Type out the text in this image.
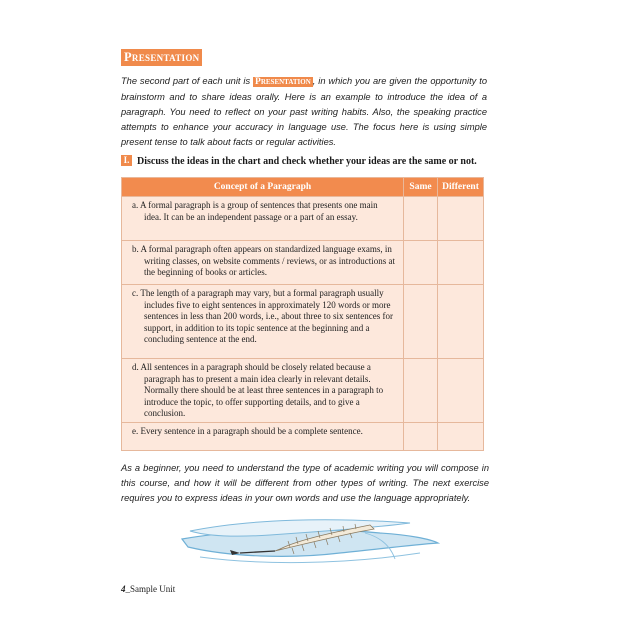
Presentation
The second part of each unit is Presentation , in which you are given the opportunity to brainstorm and to share ideas orally. Here is an example to introduce the idea of a paragraph. You need to reflect on your past writing habits. Also, the speaking practice attempts to enhance your accuracy in language use. The focus here is using simple present tense to talk about facts or regular activities.
I. Discuss the ideas in the chart and check whether your ideas are the same or not.
Concept of a Paragraph	Same	Different

a. A formal paragraph is a group of sentences that presents one main idea. It can be an independent passage or a part of an essay.		

b. A formal paragraph often appears on standardized language exams, in writing classes, on website comments / reviews, or as introductions at the beginning of books or articles.		

c. The length of a paragraph may vary, but a formal paragraph usually includes five to eight sentences in approximately 120 words or more sentences in less than 200 words, i.e., about three to six sentences for support, in addition to its topic sentence at the beginning and a concluding sentence at the end.		

d. All sentences in a paragraph should be closely related because a paragraph has to present a main idea clearly in relevant details. Normally there should be at least three sentences in a paragraph to introduce the topic, to offer supporting details, and to give a conclusion.		

e. Every sentence in a paragraph should be a complete sentence.		

As a beginner, you need to understand the type of academic writing you will compose in this course, and how it will be different from other types of writing. The next exercise requires you to express ideas in your own words and use the language appropriately.
4_Sample Unit
